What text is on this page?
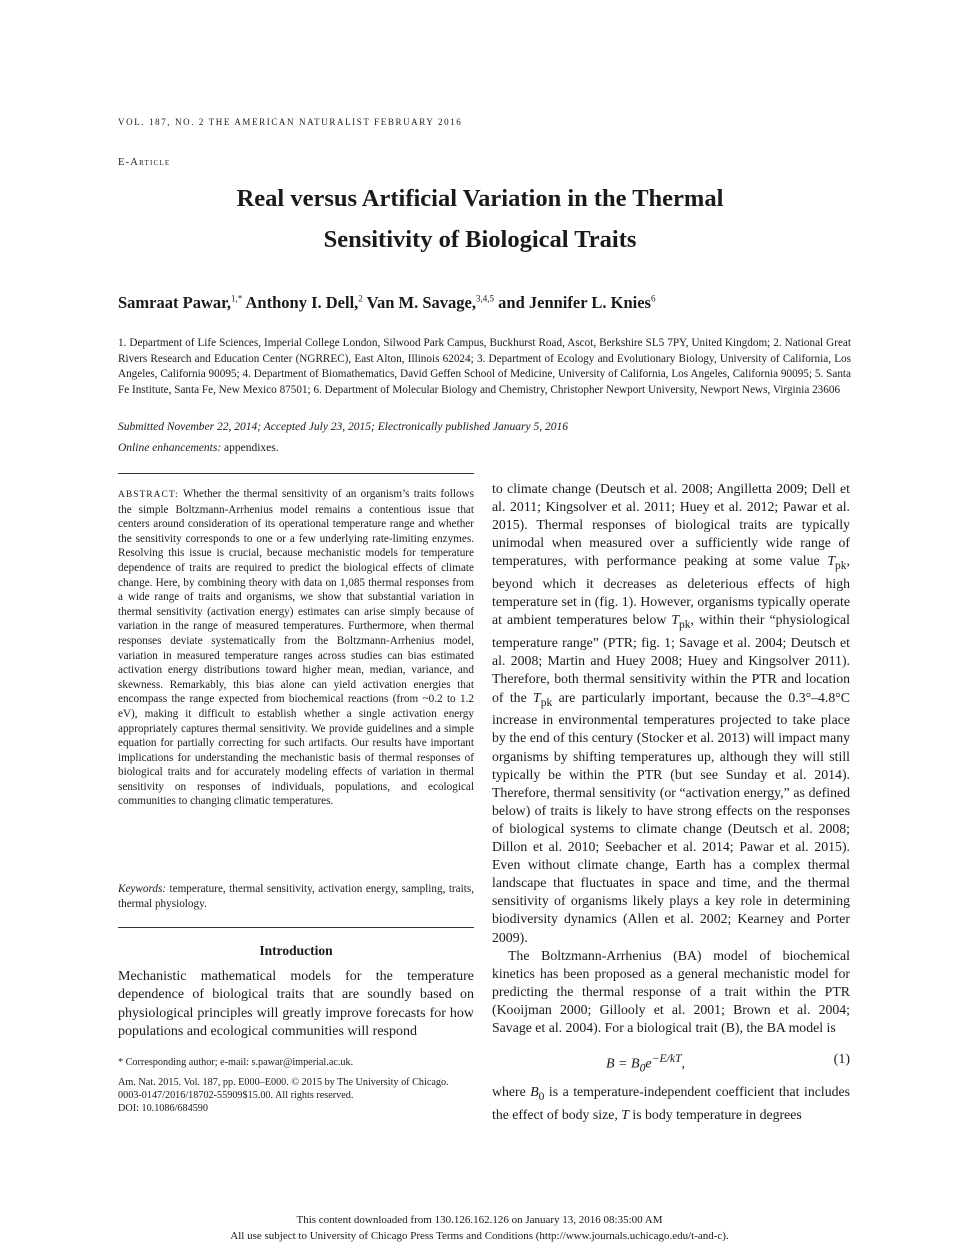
VOL. 187, NO. 2 THE AMERICAN NATURALIST FEBRUARY 2016
E-Article
Real versus Artificial Variation in the Thermal
Sensitivity of Biological Traits
Samraat Pawar,$^{1,*}$ Anthony I. Dell,$^2$ Van M. Savage,$^{3,4,5}$ and Jennifer L. Knies$^6$
1. Department of Life Sciences, Imperial College London, Silwood Park Campus, Buckhurst Road, Ascot, Berkshire SL5 7PY, United Kingdom; 2. National Great Rivers Research and Education Center (NGRREC), East Alton, Illinois 62024; 3. Department of Ecology and Evolutionary Biology, University of California, Los Angeles, California 90095; 4. Department of Biomathematics, David Geffen School of Medicine, University of California, Los Angeles, California 90095; 5. Santa Fe Institute, Santa Fe, New Mexico 87501; 6. Department of Molecular Biology and Chemistry, Christopher Newport University, Newport News, Virginia 23606
Submitted November 22, 2014; Accepted July 23, 2015; Electronically published January 5, 2016
Online enhancements: appendixes.
ABSTRACT: Whether the thermal sensitivity of an organism’s traits follows the simple Boltzmann-Arrhenius model remains a contentious issue that centers around consideration of its operational temperature range and whether the sensitivity corresponds to one or a few underlying rate-limiting enzymes. Resolving this issue is crucial, because mechanistic models for temperature dependence of traits are required to predict the biological effects of climate change. Here, by combining theory with data on 1,085 thermal responses from a wide range of traits and organisms, we show that substantial variation in thermal sensitivity (activation energy) estimates can arise simply because of variation in the range of measured temperatures. Furthermore, when thermal responses deviate systematically from the Boltzmann-Arrhenius model, variation in measured temperature ranges across studies can bias estimated activation energy distributions toward higher mean, median, variance, and skewness. Remarkably, this bias alone can yield activation energies that encompass the range expected from biochemical reactions (from ~0.2 to 1.2 eV), making it difficult to establish whether a single activation energy appropriately captures thermal sensitivity. We provide guidelines and a simple equation for partially correcting for such artifacts. Our results have important implications for understanding the mechanistic basis of thermal responses of biological traits and for accurately modeling effects of variation in thermal sensitivity on responses of individuals, populations, and ecological communities to changing climatic temperatures.
Keywords: temperature, thermal sensitivity, activation energy, sampling, traits, thermal physiology.
Introduction
Mechanistic mathematical models for the temperature dependence of biological traits that are soundly based on physiological principles will greatly improve forecasts for how populations and ecological communities will respond
* Corresponding author; e-mail: s.pawar@imperial.ac.uk.
Am. Nat. 2015. Vol. 187, pp. E000–E000. © 2015 by The University of Chicago. 0003-0147/2016/18702-55909$15.00. All rights reserved.
DOI: 10.1086/684590
to climate change (Deutsch et al. 2008; Angilletta 2009; Dell et al. 2011; Kingsolver et al. 2011; Huey et al. 2012; Pawar et al. 2015). Thermal responses of biological traits are typically unimodal when measured over a sufficiently wide range of temperatures, with performance peaking at some value $T_{pk}$, beyond which it decreases as deleterious effects of high temperature set in (fig. 1). However, organisms typically operate at ambient temperatures below $T_{pk}$, within their “physiological temperature range” (PTR; fig. 1; Savage et al. 2004; Deutsch et al. 2008; Martin and Huey 2008; Huey and Kingsolver 2011). Therefore, both thermal sensitivity within the PTR and location of the $T_{pk}$ are particularly important, because the 0.3°–4.8°C increase in environmental temperatures projected to take place by the end of this century (Stocker et al. 2013) will impact many organisms by shifting temperatures up, although they will still typically be within the PTR (but see Sunday et al. 2014). Therefore, thermal sensitivity (or “activation energy,” as defined below) of traits is likely to have strong effects on the responses of biological systems to climate change (Deutsch et al. 2008; Dillon et al. 2010; Seebacher et al. 2014; Pawar et al. 2015). Even without climate change, Earth has a complex thermal landscape that fluctuates in space and time, and the thermal sensitivity of organisms likely plays a key role in determining biodiversity dynamics (Allen et al. 2002; Kearney and Porter 2009).
The Boltzmann-Arrhenius (BA) model of biochemical kinetics has been proposed as a general mechanistic model for predicting the thermal response of a trait within the PTR (Kooijman 2000; Gillooly et al. 2001; Brown et al. 2004; Savage et al. 2004). For a biological trait (B), the BA model is
$B = B_0e^{-E/kT}$,	(1)
where $B_0$ is a temperature-independent coefficient that includes the effect of body size, T is body temperature in degrees
This content downloaded from 130.126.162.126 on January 13, 2016 08:35:00 AM
All use subject to University of Chicago Press Terms and Conditions (http://www.journals.uchicago.edu/t-and-c).
